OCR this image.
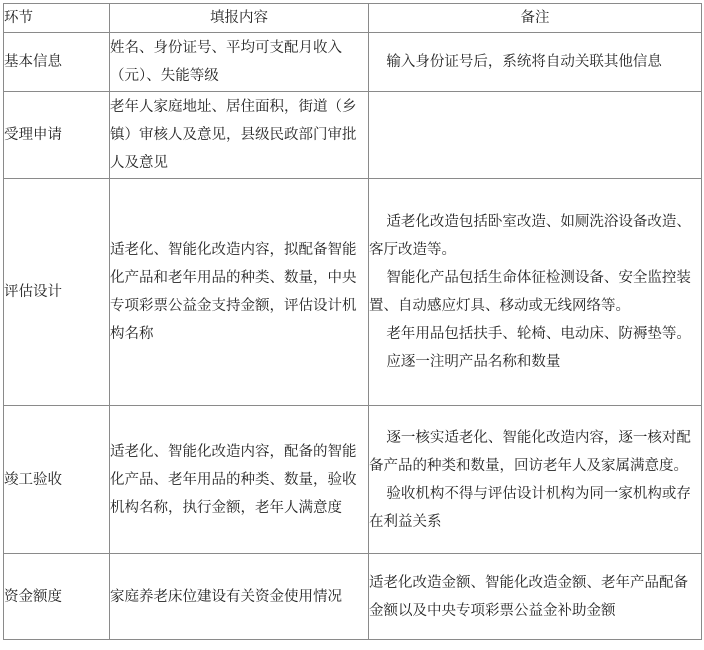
环节	填报内容	备注
基本信息	姓名、身份证号、平均可支配月收入（元）、失能等级	输入身份证号后，系统将自动关联其他信息

受理申请	老年人家庭地址、居住面积，街道（乡镇）审核人及意见，县级民政部门审批人及意见	
评估设计	适老化、智能化改造内容，拟配备智能化产品和老年用品的种类、数量，中央专项彩票公益金支持金额，评估设计机构名称	适老化改造包括卧室改造、如厕洗浴设备改造、客厅改造等。

智能化产品包括生命体征检测设备、安全监控装置、自动感应灯具、移动或无线网络等。

老年用品包括扶手、轮椅、电动床、防褥垫等。

应逐一注明产品名称和数量

竣工验收	适老化、智能化改造内容，配备的智能化产品、老年用品的种类、数量，验收机构名称，执行金额，老年人满意度	逐一核实适老化、智能化改造内容，逐一核对配备产品的种类和数量，回访老年人及家属满意度。

验收机构不得与评估设计机构为同一家机构或存在利益关系

资金额度	家庭养老床位建设有关资金使用情况	适老化改造金额、智能化改造金额、老年产品配备金额以及中央专项彩票公益金补助金额
